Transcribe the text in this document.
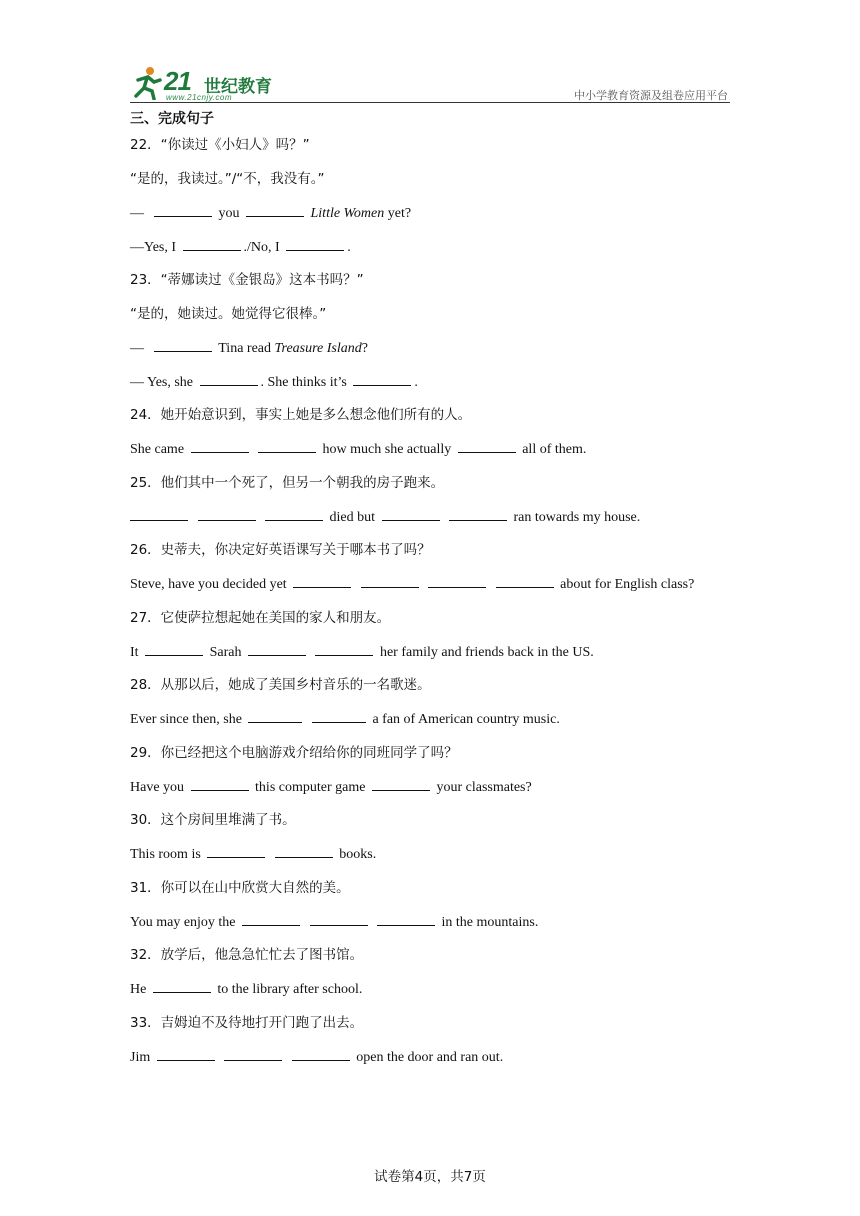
21 世纪教育
www.21cnjy.com	中小学教育资源及组卷应用平台
三、完成句子
22．“你读过《小妇人》吗？”
“是的，我读过。”/“不，我没有。”
—	you	Little Women yet?
—Yes, I	./No, I	.
23．“蒂娜读过《金银岛》这本书吗？”
“是的，她读过。她觉得它很棒。”
—	Tina read Treasure Island?
— Yes, she	. She thinks it’s	.
24．她开始意识到，事实上她是多么想念他们所有的人。
She came	how much she actually	all of them.
25．他们其中一个死了，但另一个朝我的房子跑来。
died but	ran towards my house.
26．史蒂夫，你决定好英语课写关于哪本书了吗？
Steve, have you decided yet	about for English class?
27．它使萨拉想起她在美国的家人和朋友。
It	Sarah	her family and friends back in the US.
28．从那以后，她成了美国乡村音乐的一名歌迷。
Ever since then, she	a fan of American country music.
29．你已经把这个电脑游戏介绍给你的同班同学了吗？
Have you	this computer game	your classmates?
30．这个房间里堆满了书。
This room is	books.
31．你可以在山中欣赏大自然的美。
You may enjoy the	in the mountains.
32．放学后，他急急忙忙去了图书馆。
He	to the library after school.
33．吉姆迫不及待地打开门跑了出去。
Jim	open the door and ran out.
试卷第4页，共7页
